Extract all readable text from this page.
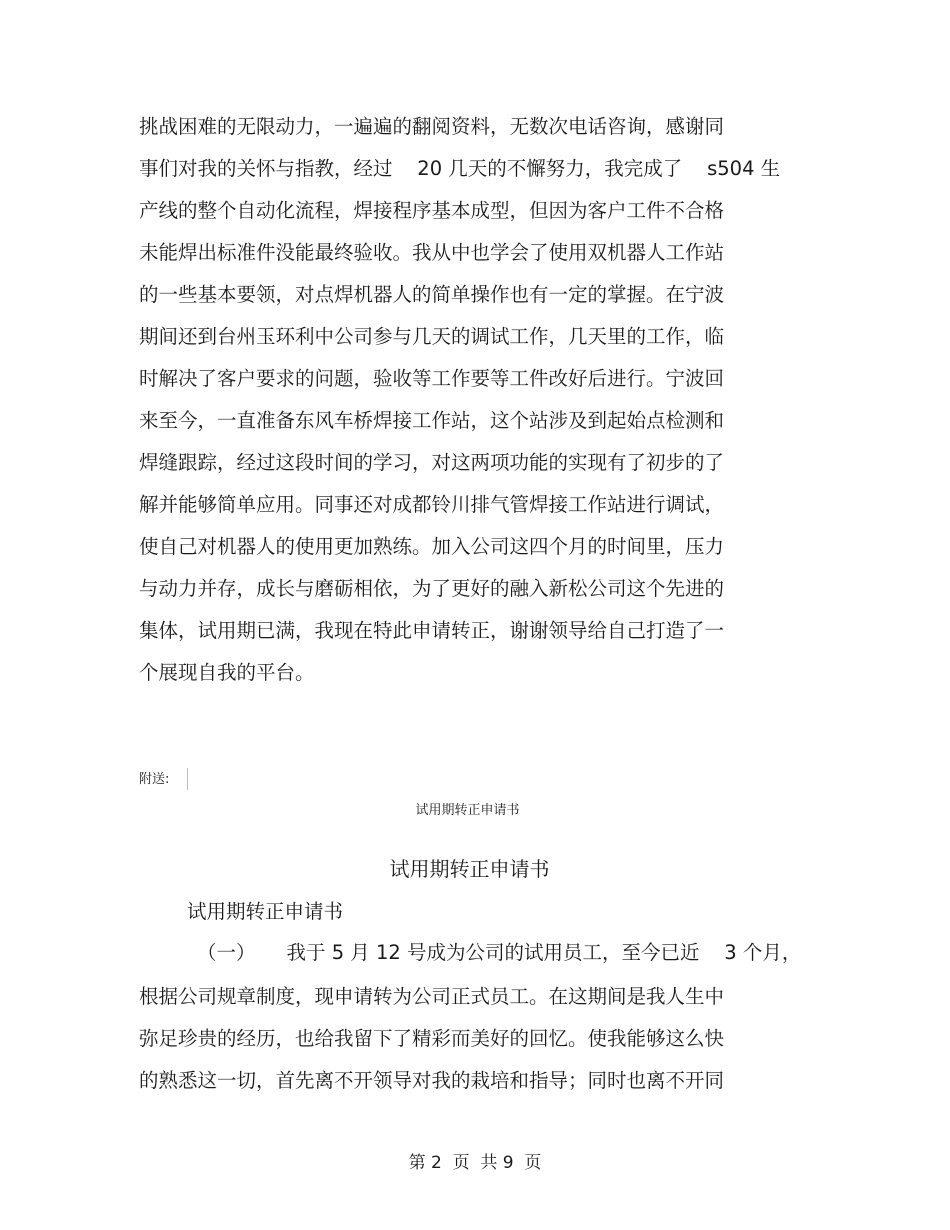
挑战困难的无限动力，一遍遍的翻阅资料，无数次电话咨询，感谢同
事们对我的关怀与指教，经过    20 几天的不懈努力，我完成了    s504 生
产线的整个自动化流程，焊接程序基本成型，但因为客户工件不合格
未能焊出标准件没能最终验收。我从中也学会了使用双机器人工作站
的一些基本要领，对点焊机器人的简单操作也有一定的掌握。在宁波
期间还到台州玉环利中公司参与几天的调试工作，几天里的工作，临
时解决了客户要求的问题，验收等工作要等工件改好后进行。宁波回
来至今，一直准备东风车桥焊接工作站，这个站涉及到起始点检测和
焊缝跟踪，经过这段时间的学习，对这两项功能的实现有了初步的了
解并能够简单应用。同事还对成都铃川排气管焊接工作站进行调试，
使自己对机器人的使用更加熟练。加入公司这四个月的时间里，压力
与动力并存，成长与磨砺相依，为了更好的融入新松公司这个先进的
集体，试用期已满，我现在特此申请转正，谢谢领导给自己打造了一
个展现自我的平台。
附送:
试用期转正申请书
试用期转正申请书
试用期转正申请书
（一）     我于 5 月 12 号成为公司的试用员工，至今已近    3 个月，
根据公司规章制度，现申请转为公司正式员工。在这期间是我人生中
弥足珍贵的经历，也给我留下了精彩而美好的回忆。使我能够这么快
的熟悉这一切，首先离不开领导对我的栽培和指导；同时也离不开同
第 2  页  共 9  页
